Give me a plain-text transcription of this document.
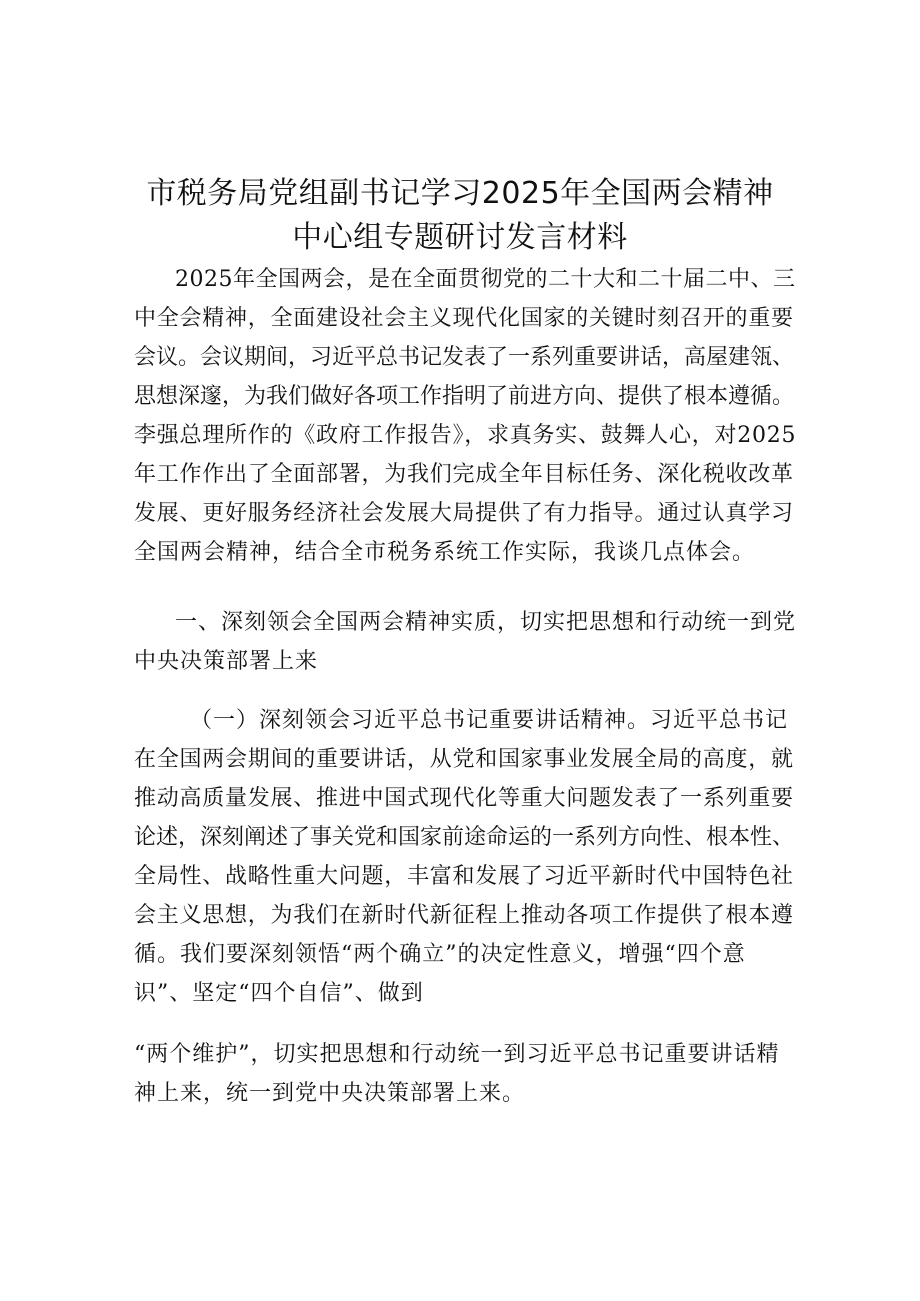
市税务局党组副书记学习2025年全国两会精神
中心组专题研讨发言材料
2025年全国两会，是在全面贯彻党的二十大和二十届二中、三
中全会精神，全面建设社会主义现代化国家的关键时刻召开的重要
会议。会议期间，习近平总书记发表了一系列重要讲话，高屋建瓴、
思想深邃，为我们做好各项工作指明了前进方向、提供了根本遵循。
李强总理所作的《政府工作报告》，求真务实、鼓舞人心，对2025
年工作作出了全面部署，为我们完成全年目标任务、深化税收改革
发展、更好服务经济社会发展大局提供了有力指导。通过认真学习
全国两会精神，结合全市税务系统工作实际，我谈几点体会。
一、深刻领会全国两会精神实质，切实把思想和行动统一到党
中央决策部署上来
（一）深刻领会习近平总书记重要讲话精神。习近平总书记
在全国两会期间的重要讲话，从党和国家事业发展全局的高度，就
推动高质量发展、推进中国式现代化等重大问题发表了一系列重要
论述，深刻阐述了事关党和国家前途命运的一系列方向性、根本性、
全局性、战略性重大问题，丰富和发展了习近平新时代中国特色社
会主义思想，为我们在新时代新征程上推动各项工作提供了根本遵
循。我们要深刻领悟“两个确立”的决定性意义，增强“四个意
识”、坚定“四个自信”、做到
“两个维护”，切实把思想和行动统一到习近平总书记重要讲话精
神上来，统一到党中央决策部署上来。
